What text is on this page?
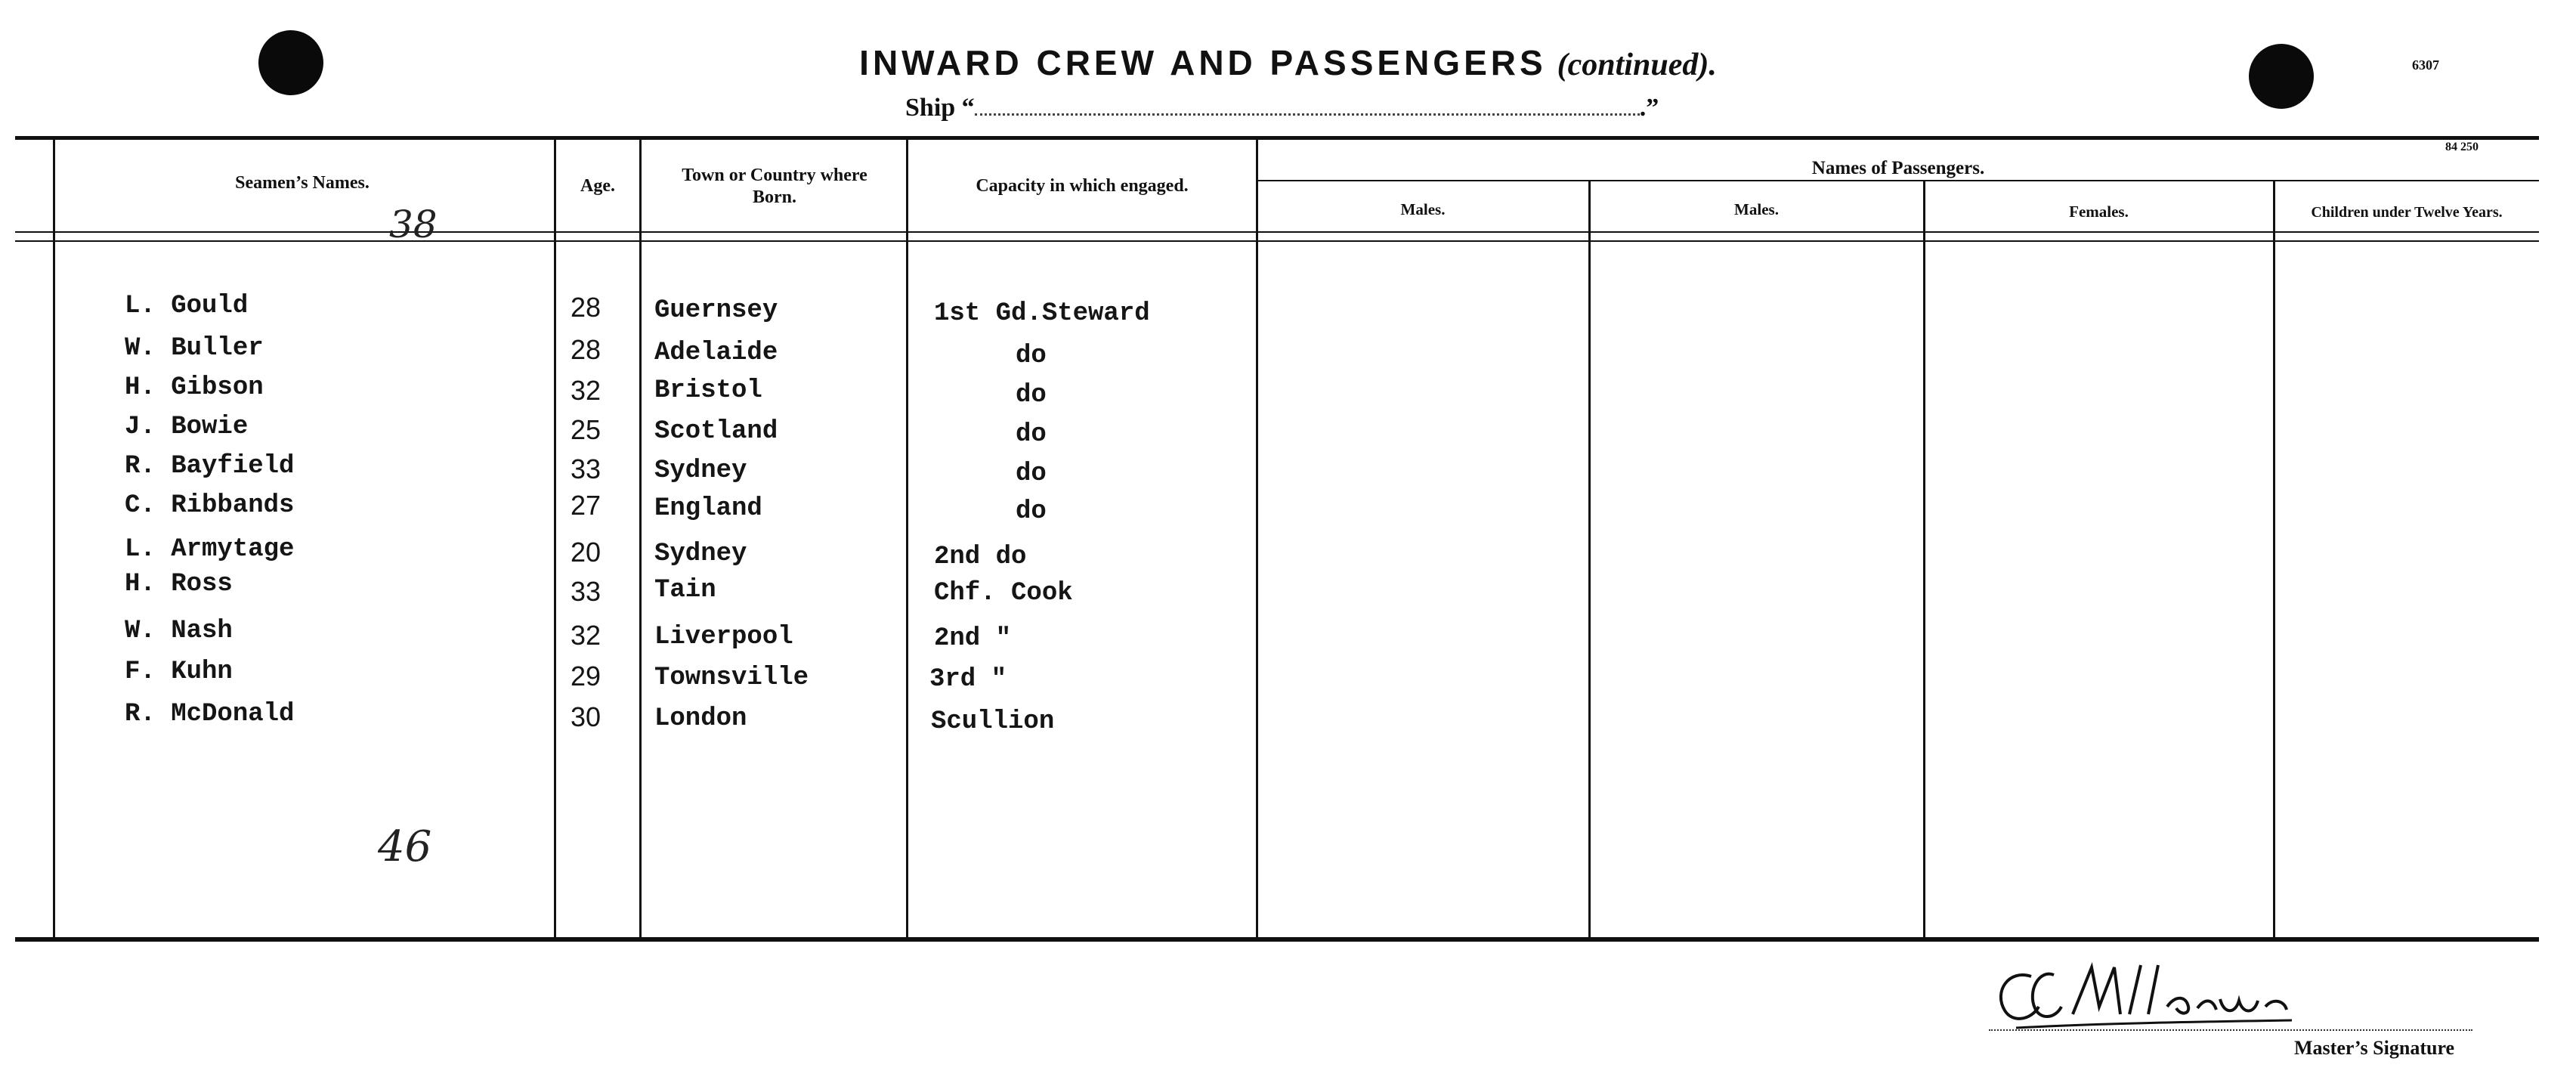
INWARD CREW AND PASSENGERS (continued).	6307
Ship “	.”
84 250
Seamen’s Names.	Age.
Town or Country where Born.
Capacity in which engaged.
Names of Passengers.
Males.	Males.	Females.	Children under Twelve Years.
38
46
L. Gould	28 Guernsey	1st Gd.Steward
W. Buller	28 Adelaide	do
H. Gibson	32 Bristol	do
J. Bowie	25 Scotland	do
R. Bayfield	33 Sydney	do
C. Ribbands	27 England	do
L. Armytage	20 Sydney	2nd do
H. Ross	33 Tain	Chf. Cook
W. Nash	32 Liverpool	2nd "
F. Kuhn	29 Townsville	3rd "
R. McDonald	30 London	Scullion
Master’s Signature
